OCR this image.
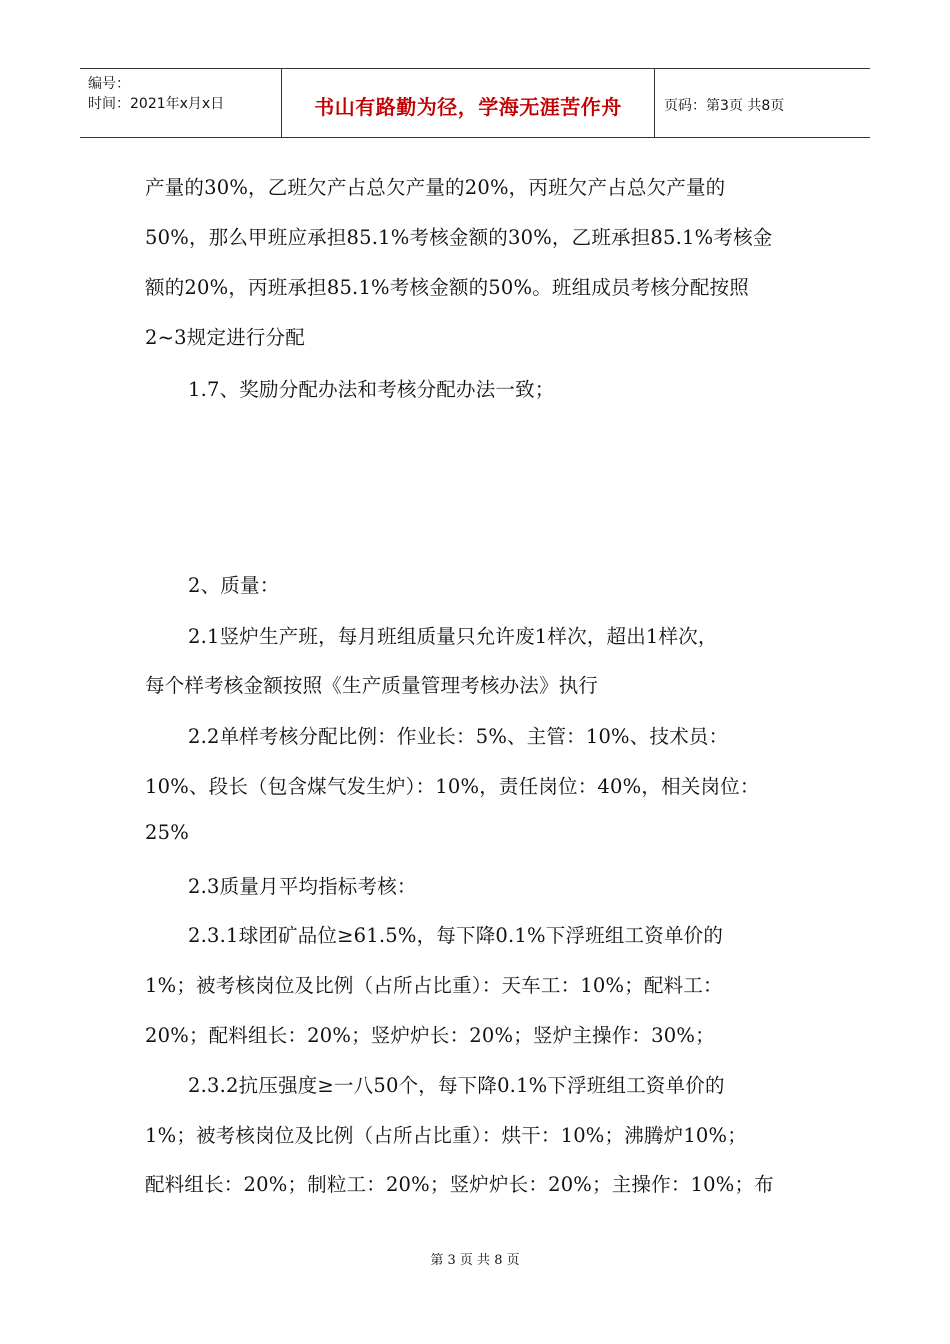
编号：
时间：2021年x月x日	书山有路勤为径，学海无涯苦作舟	页码：第3页 共8页
产量的30%，乙班欠产占总欠产量的20%，丙班欠产占总欠产量的
50%，那么甲班应承担85.1%考核金额的30%，乙班承担85.1%考核金
额的20%，丙班承担85.1%考核金额的50%。班组成员考核分配按照
2~3规定进行分配
1.7、奖励分配办法和考核分配办法一致；
2、质量：
2.1竖炉生产班，每月班组质量只允许废1样次，超出1样次，
每个样考核金额按照《生产质量管理考核办法》执行
2.2单样考核分配比例：作业长：5%、主管：10%、技术员：
10%、段长（包含煤气发生炉）：10%，责任岗位：40%，相关岗位：
25%
2.3质量月平均指标考核：
2.3.1球团矿品位≥61.5%，每下降0.1%下浮班组工资单价的
1%；被考核岗位及比例（占所占比重）：天车工：10%；配料工：
20%；配料组长：20%；竖炉炉长：20%；竖炉主操作：30%；
2.3.2抗压强度≥一八50个，每下降0.1%下浮班组工资单价的
1%；被考核岗位及比例（占所占比重）：烘干：10%；沸腾炉10%；
配料组长：20%；制粒工：20%；竖炉炉长：20%；主操作：10%；布
第 3 页 共 8 页
